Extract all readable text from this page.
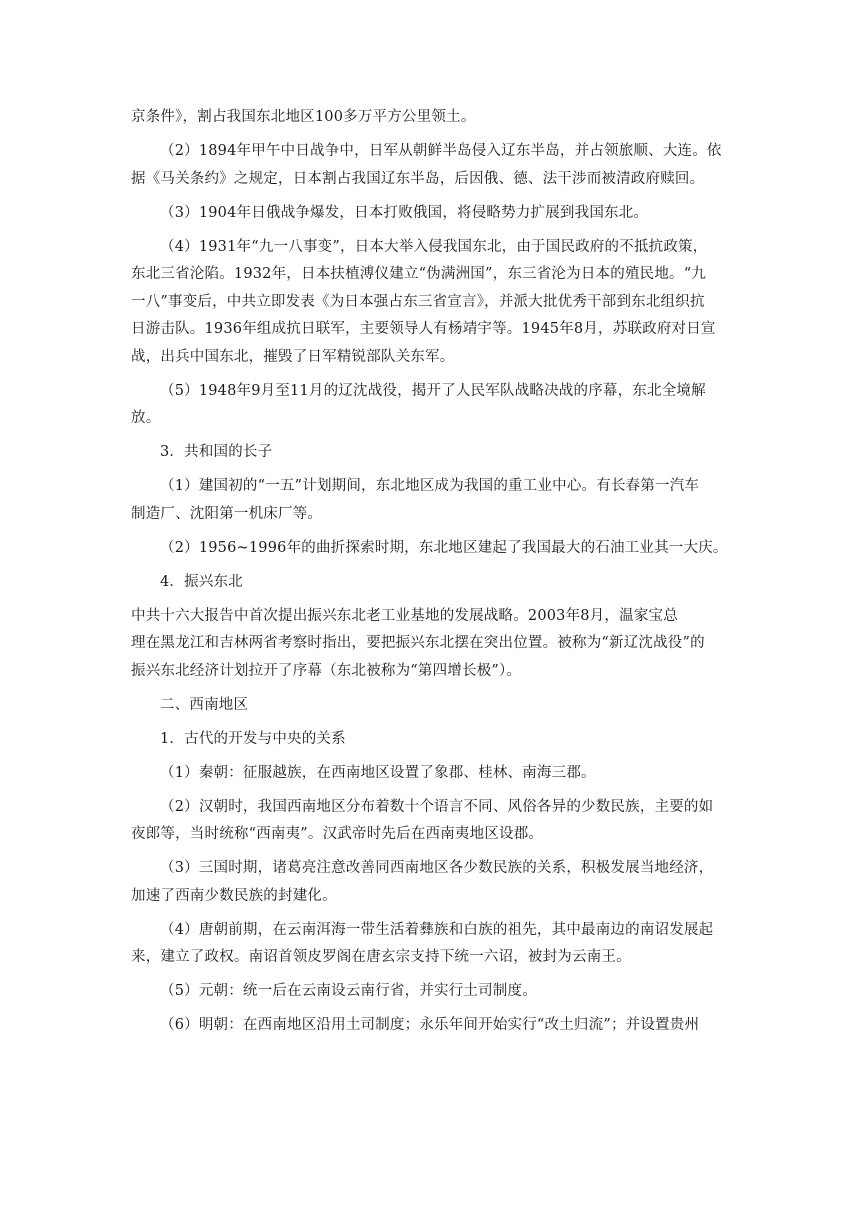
京条件》，割占我国东北地区100多万平方公里领土。
（2）1894年甲午中日战争中，日军从朝鲜半岛侵入辽东半岛，并占领旅顺、大连。依
据《马关条约》之规定，日本割占我国辽东半岛，后因俄、德、法干涉而被清政府赎回。
（3）1904年日俄战争爆发，日本打败俄国，将侵略势力扩展到我国东北。
（4）1931年“九一八事变”，日本大举入侵我国东北，由于国民政府的不抵抗政策，
东北三省沦陷。1932年，日本扶植溥仪建立“伪满洲国”，东三省沦为日本的殖民地。“九
一八”事变后，中共立即发表《为日本强占东三省宣言》，并派大批优秀干部到东北组织抗
日游击队。1936年组成抗日联军，主要领导人有杨靖宇等。1945年8月，苏联政府对日宣
战，出兵中国东北，摧毁了日军精锐部队关东军。
（5）1948年9月至11月的辽沈战役，揭开了人民军队战略决战的序幕，东北全境解
放。
3．共和国的长子
（1）建国初的“一五”计划期间，东北地区成为我国的重工业中心。有长春第一汽车
制造厂、沈阳第一机床厂等。
（2）1956~1996年的曲折探索时期，东北地区建起了我国最大的石油工业其一大庆。
4．振兴东北
中共十六大报告中首次提出振兴东北老工业基地的发展战略。2003年8月，温家宝总
理在黑龙江和吉林两省考察时指出，要把振兴东北摆在突出位置。被称为“新辽沈战役”的
振兴东北经济计划拉开了序幕（东北被称为“第四增长极”）。
二、西南地区
1．古代的开发与中央的关系
（1）秦朝：征服越族，在西南地区设置了象郡、桂林、南海三郡。
（2）汉朝时，我国西南地区分布着数十个语言不同、风俗各异的少数民族，主要的如
夜郎等，当时统称“西南夷”。汉武帝时先后在西南夷地区设郡。
（3）三国时期，诸葛亮注意改善同西南地区各少数民族的关系，积极发展当地经济，
加速了西南少数民族的封建化。
（4）唐朝前期，在云南洱海一带生活着彝族和白族的祖先，其中最南边的南诏发展起
来，建立了政权。南诏首领皮罗阁在唐玄宗支持下统一六诏，被封为云南王。
（5）元朝：统一后在云南设云南行省，并实行土司制度。
（6）明朝：在西南地区沿用土司制度；永乐年间开始实行“改土归流”；并设置贵州
